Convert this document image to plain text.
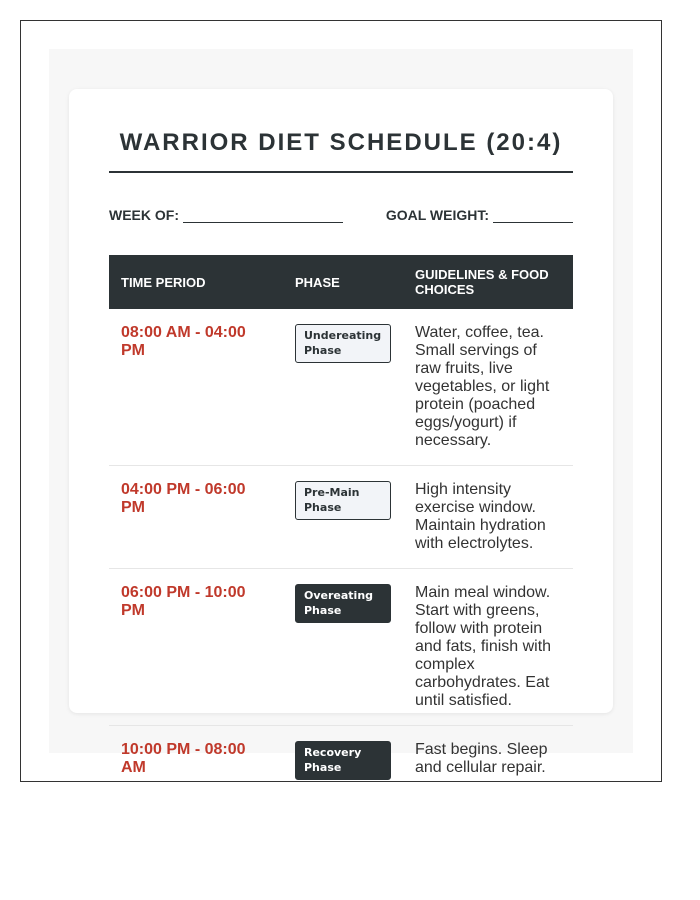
WARRIOR DIET SCHEDULE (20:4)
WEEK OF:	GOAL WEIGHT:
TIME PERIOD	PHASE	GUIDELINES & FOOD CHOICES

08:00 AM - 04:00 PM	Undereating Phase	Water, coffee, tea. Small servings of raw fruits, live vegetables, or light protein (poached eggs/yogurt) if necessary.

04:00 PM - 06:00 PM	Pre-Main Phase	High intensity exercise window. Maintain hydration with electrolytes.

06:00 PM - 10:00 PM	Overeating Phase	Main meal window. Start with greens, follow with protein and fats, finish with complex carbohydrates. Eat until satisfied.

10:00 PM - 08:00 AM	Recovery Phase	Fast begins. Sleep and cellular repair.
